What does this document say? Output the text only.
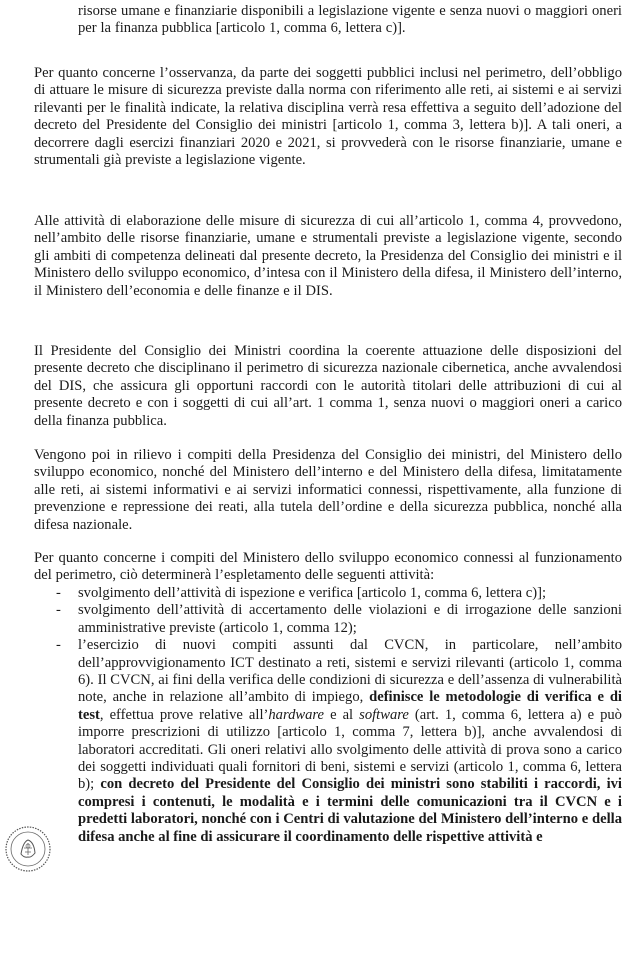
risorse umane e finanziarie disponibili a legislazione vigente e senza nuovi o maggiori oneri per la finanza pubblica [articolo 1, comma 6, lettera c)].

Per quanto concerne l’osservanza, da parte dei soggetti pubblici inclusi nel perimetro, dell’obbligo di attuare le misure di sicurezza previste dalla norma con riferimento alle reti, ai sistemi e ai servizi rilevanti per le finalità indicate, la relativa disciplina verrà resa effettiva a seguito dell’adozione del decreto del Presidente del Consiglio dei ministri [articolo 1, comma 3, lettera b)]. A tali oneri, a decorrere dagli esercizi finanziari 2020 e 2021, si provvederà con le risorse finanziarie, umane e strumentali già previste a legislazione vigente.

Alle attività di elaborazione delle misure di sicurezza di cui all’articolo 1, comma 4, provvedono, nell’ambito delle risorse finanziarie, umane e strumentali previste a legislazione vigente, secondo gli ambiti di competenza delineati dal presente decreto, la Presidenza del Consiglio dei ministri e il Ministero dello sviluppo economico, d’intesa con il Ministero della difesa, il Ministero dell’interno, il Ministero dell’economia e delle finanze e il DIS.

Il Presidente del Consiglio dei Ministri coordina la coerente attuazione delle disposizioni del presente decreto che disciplinano il perimetro di sicurezza nazionale cibernetica, anche avvalendosi del DIS, che assicura gli opportuni raccordi con le autorità titolari delle attribuzioni di cui al presente decreto e con i soggetti di cui all’art. 1 comma 1, senza nuovi o maggiori oneri a carico della finanza pubblica.

Vengono poi in rilievo i compiti della Presidenza del Consiglio dei ministri, del Ministero dello sviluppo economico, nonché del Ministero dell’interno e del Ministero della difesa, limitatamente alle reti, ai sistemi informativi e ai servizi informatici connessi, rispettivamente, alla funzione di prevenzione e repressione dei reati, alla tutela dell’ordine e della sicurezza pubblica, nonché alla difesa nazionale.

Per quanto concerne i compiti del Ministero dello sviluppo economico connessi al funzionamento del perimetro, ciò determinerà l’espletamento delle seguenti attività:

- svolgimento dell’attività di ispezione e verifica [articolo 1, comma 6, lettera c)];
- svolgimento dell’attività di accertamento delle violazioni e di irrogazione delle sanzioni amministrative previste (articolo 1, comma 12);
- l’esercizio di nuovi compiti assunti dal CVCN, in particolare, nell’ambito dell’approvvigionamento ICT destinato a reti, sistemi e servizi rilevanti (articolo 1, comma 6). Il CVCN, ai fini della verifica delle condizioni di sicurezza e dell’assenza di vulnerabilità note, anche in relazione all’ambito di impiego, definisce le metodologie di verifica e di test, effettua prove relative all’hardware e al software (art. 1, comma 6, lettera a) e può imporre prescrizioni di utilizzo [articolo 1, comma 7, lettera b)], anche avvalendosi di laboratori accreditati. Gli oneri relativi allo svolgimento delle attività di prova sono a carico dei soggetti individuati quali fornitori di beni, sistemi e servizi (articolo 1, comma 6, lettera b); con decreto del Presidente del Consiglio dei ministri sono stabiliti i raccordi, ivi compresi i contenuti, le modalità e i termini delle comunicazioni tra il CVCN e i predetti laboratori, nonché con i Centri di valutazione del Ministero dell’interno e della difesa anche al fine di assicurare il coordinamento delle rispettive attività e
